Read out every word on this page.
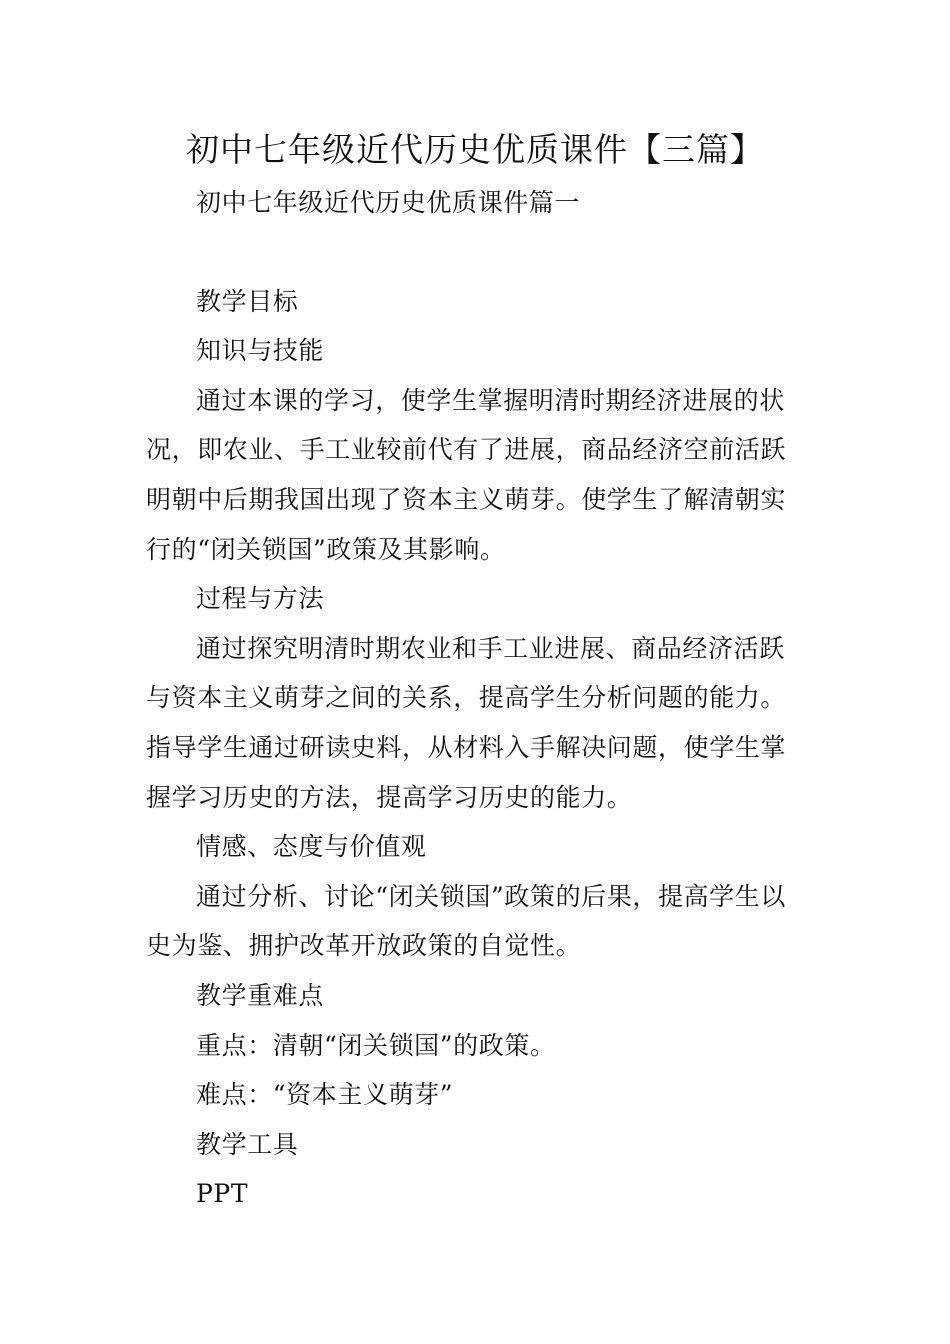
初中七年级近代历史优质课件【三篇】

初中七年级近代历史优质课件篇一

教学目标

知识与技能

通过本课的学习，使学生掌握明清时期经济进展的状况，即农业、手工业较前代有了进展，商品经济空前活跃明朝中后期我国出现了资本主义萌芽。使学生了解清朝实行的“闭关锁国”政策及其影响。

过程与方法

通过探究明清时期农业和手工业进展、商品经济活跃与资本主义萌芽之间的关系，提高学生分析问题的能力。指导学生通过研读史料，从材料入手解决问题，使学生掌握学习历史的方法，提高学习历史的能力。

情感、态度与价值观

通过分析、讨论“闭关锁国”政策的后果，提高学生以史为鉴、拥护改革开放政策的自觉性。

教学重难点

重点：清朝“闭关锁国”的政策。

难点：“资本主义萌芽”

教学工具

PPT
